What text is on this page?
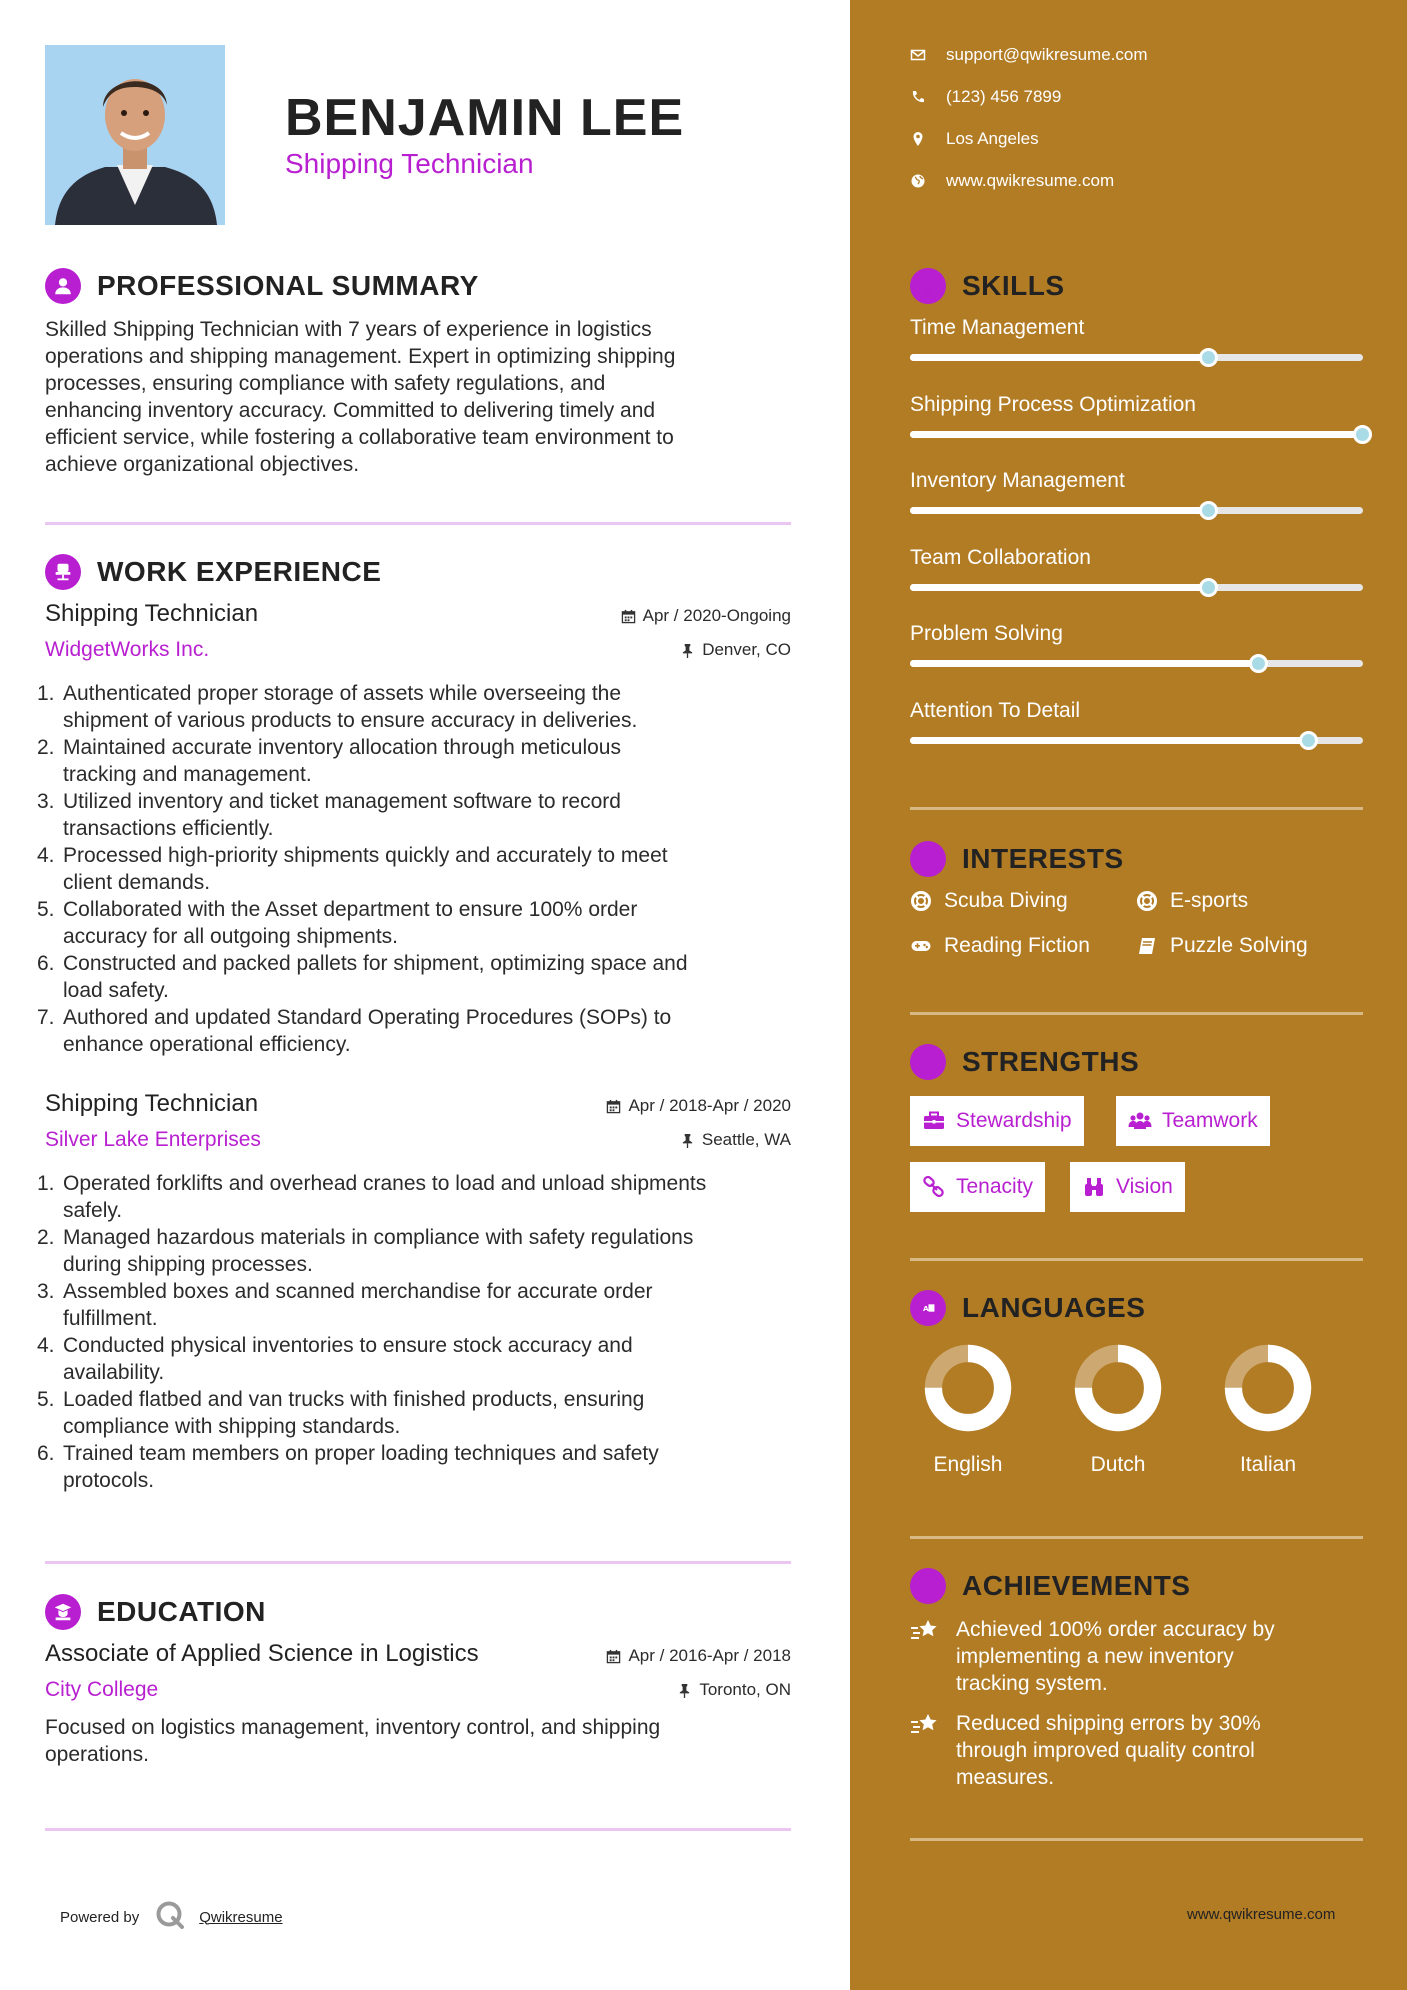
BENJAMIN LEE
Shipping Technician
PROFESSIONAL SUMMARY
Skilled Shipping Technician with 7 years of experience in logistics
operations and shipping management. Expert in optimizing shipping
processes, ensuring compliance with safety regulations, and
enhancing inventory accuracy. Committed to delivering timely and
efficient service, while fostering a collaborative team environment to
achieve organizational objectives.
WORK EXPERIENCE
Shipping Technician
WidgetWorks Inc.
Apr / 2020-Ongoing
Denver, CO
1. Authenticated proper storage of assets while overseeing the
shipment of various products to ensure accuracy in deliveries.
2. Maintained accurate inventory allocation through meticulous
tracking and management.
3. Utilized inventory and ticket management software to record
transactions efficiently.
4. Processed high-priority shipments quickly and accurately to meet
client demands.
5. Collaborated with the Asset department to ensure 100% order
accuracy for all outgoing shipments.
6. Constructed and packed pallets for shipment, optimizing space and
load safety.
7. Authored and updated Standard Operating Procedures (SOPs) to
enhance operational efficiency.
Shipping Technician
Silver Lake Enterprises
Apr / 2018-Apr / 2020
Seattle, WA
1. Operated forklifts and overhead cranes to load and unload shipments
safely.
2. Managed hazardous materials in compliance with safety regulations
during shipping processes.
3. Assembled boxes and scanned merchandise for accurate order
fulfillment.
4. Conducted physical inventories to ensure stock accuracy and
availability.
5. Loaded flatbed and van trucks with finished products, ensuring
compliance with shipping standards.
6. Trained team members on proper loading techniques and safety
protocols.
EDUCATION
Associate of Applied Science in Logistics
City College
Apr / 2016-Apr / 2018
Toronto, ON
Focused on logistics management, inventory control, and shipping
operations.
Powered by	Qwikresume
support@qwikresume.com
(123) 456 7899
Los Angeles
www.qwikresume.com
SKILLS
Time Management
Shipping Process Optimization
Inventory Management
Team Collaboration
Problem Solving
Attention To Detail
INTERESTS
Scuba Diving	E-sports
Reading Fiction	Puzzle Solving
STRENGTHS
Stewardship	Teamwork
Tenacity	Vision
A LANGUAGES
English	Dutch	Italian
ACHIEVEMENTS
Achieved 100% order accuracy by
implementing a new inventory
tracking system.
Reduced shipping errors by 30%
through improved quality control
measures.
www.qwikresume.com
